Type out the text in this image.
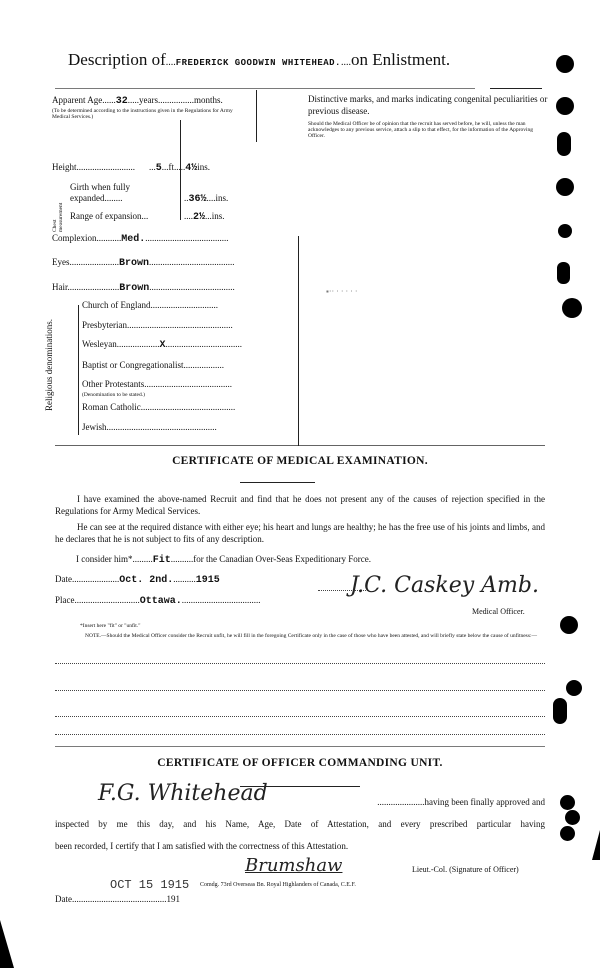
Description of....FREDERICK GOODWIN WHITEHEAD.....on Enlistment.
Apparent Age......32.....years................months.
(To be determined according to the instructions given in the Regulations for Army Medical Services.)
Distinctive marks, and marks indicating congenital peculiarities or previous disease.
Should the Medical Officer be of opinion that the recruit has served before, he will, unless the man acknowledges to any previous service, attach a slip to that effect, for the information of the Approving Officer.
Height.......................... ...5...ft.....4½ins.
Chest measurement
Girth when fully expanded........	..36½....ins.
Range of expansion...	....2½...ins.
Complexion...........Med......................................
Eyes......................Brown......................................
Hair.......................Brown......................................	▪·· · · · · ·
Religious denominations.
Church of England..............................
Presbyterian...............................................
Wesleyan...................X..................................
Baptist or Congregationalist..................
Other Protestants.......................................
(Denomination to be stated.)
Roman Catholic..........................................
Jewish.................................................
CERTIFICATE OF MEDICAL EXAMINATION.
I have examined the above-named Recruit and find that he does not present any of the causes of rejection specified in the Regulations for Army Medical Services.
He can see at the required distance with either eye; his heart and lungs are healthy; he has the free use of his joints and limbs, and he declares that he is not subject to fits of any description.
I consider him*.........Fit..........for the Canadian Over-Seas Expeditionary Force.
Date.....................Oct. 2nd...........1915
Place.............................Ottawa....................................
J.C. Caskey Amb.
Medical Officer.
*Insert here "fit" or "unfit."
NOTE.—Should the Medical Officer consider the Recruit unfit, he will fill in the foregoing Certificate only in the case of those who have been attested, and will briefly state below the cause of unfitness:—
CERTIFICATE OF OFFICER COMMANDING UNIT.
F.G. Whitehead	.....................having been finally approved and
inspected by me this day, and his Name, Age, Date of Attestation, and every prescribed particular having
been recorded, I certify that I am satisfied with the correctness of this Attestation.
Brumshaw	Lieut.-Col. (Signature of Officer)
OCT 15 1915 Comdg. 73rd Overseas Bn. Royal Highlanders of Canada, C.E.F.
Date..........................................191
